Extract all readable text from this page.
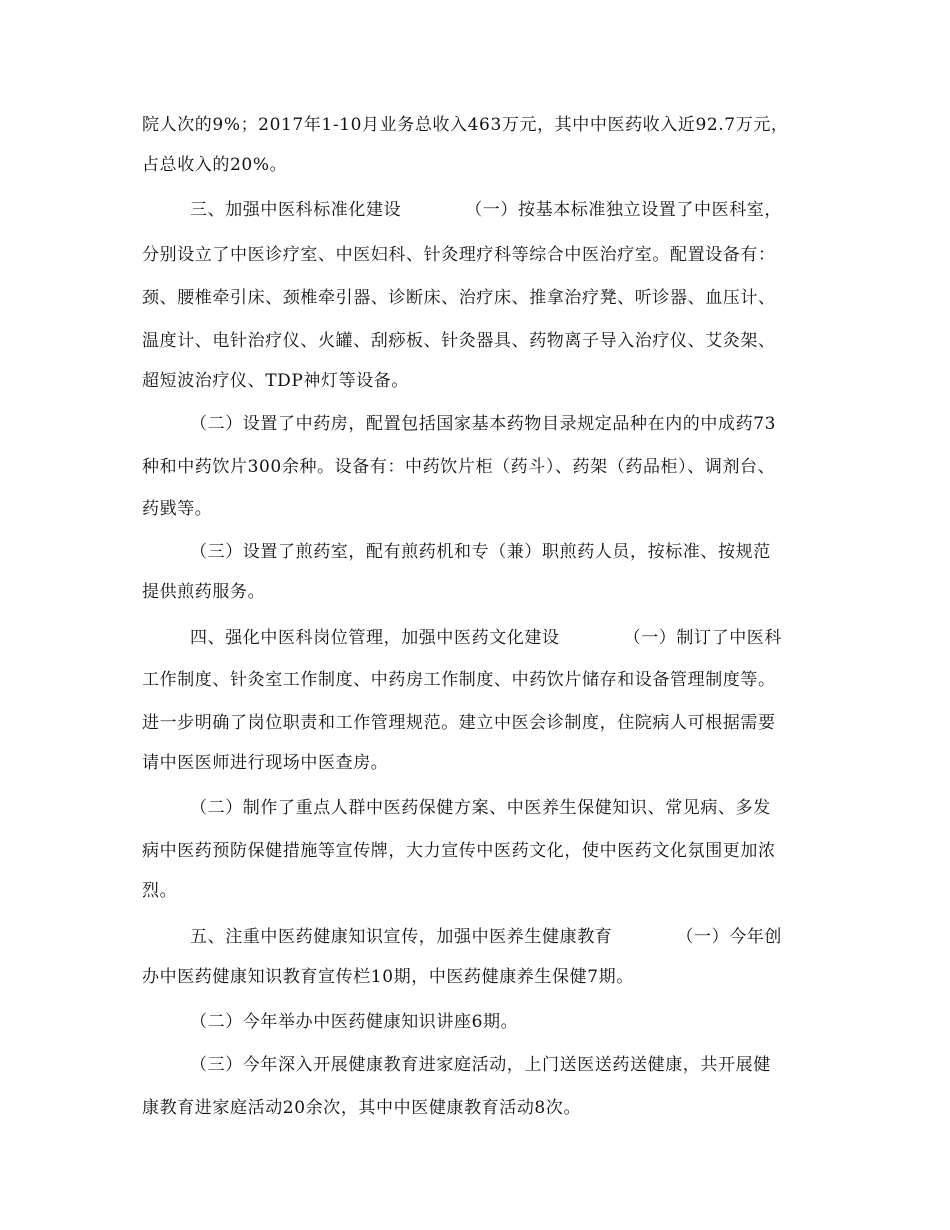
院人次的9%；2017年1-10月业务总收入463万元，其中中医药收入近92.7万元，
占总收入的20%。
三、加强中医科标准化建设	（一）按基本标准独立设置了中医科室，
分别设立了中医诊疗室、中医妇科、针灸理疗科等综合中医治疗室。配置设备有：
颈、腰椎牵引床、颈椎牵引器、诊断床、治疗床、推拿治疗凳、听诊器、血压计、
温度计、电针治疗仪、火罐、刮痧板、针灸器具、药物离子导入治疗仪、艾灸架、
超短波治疗仪、TDP神灯等设备。
（二）设置了中药房，配置包括国家基本药物目录规定品种在内的中成药73
种和中药饮片300余种。设备有：中药饮片柜（药斗）、药架（药品柜）、调剂台、
药戥等。
（三）设置了煎药室，配有煎药机和专（兼）职煎药人员，按标准、按规范
提供煎药服务。
四、强化中医科岗位管理，加强中医药文化建设	（一）制订了中医科
工作制度、针灸室工作制度、中药房工作制度、中药饮片储存和设备管理制度等。
进一步明确了岗位职责和工作管理规范。建立中医会诊制度，住院病人可根据需要
请中医医师进行现场中医查房。
（二）制作了重点人群中医药保健方案、中医养生保健知识、常见病、多发
病中医药预防保健措施等宣传牌，大力宣传中医药文化，使中医药文化氛围更加浓
烈。
五、注重中医药健康知识宣传，加强中医养生健康教育	（一）今年创
办中医药健康知识教育宣传栏10期，中医药健康养生保健7期。
（二）今年举办中医药健康知识讲座6期。
（三）今年深入开展健康教育进家庭活动，上门送医送药送健康，共开展健
康教育进家庭活动20余次，其中中医健康教育活动8次。
